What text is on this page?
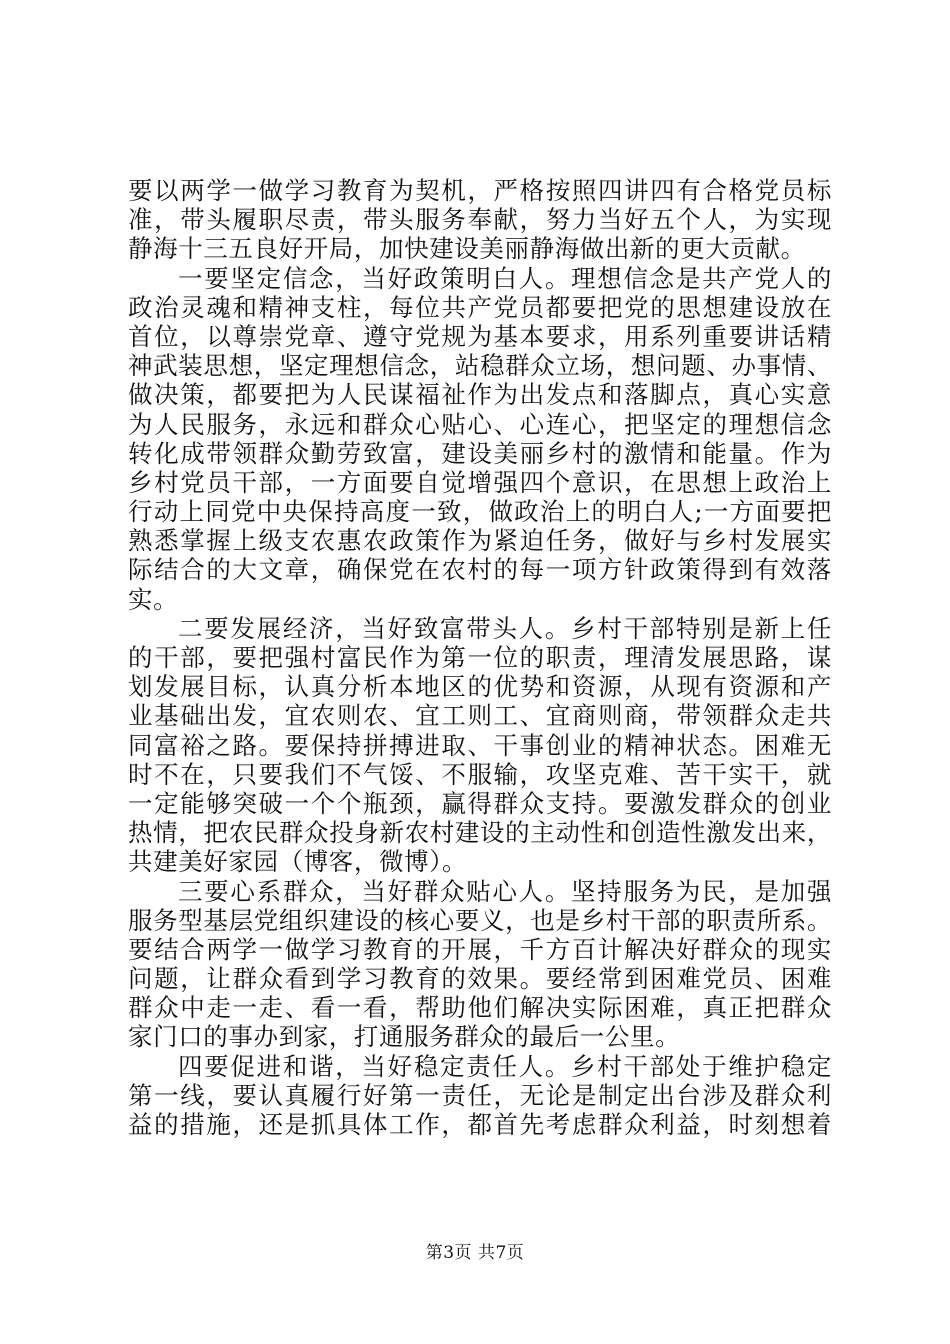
要以两学一做学习教育为契机，严格按照四讲四有合格党员标
准，带头履职尽责，带头服务奉献，努力当好五个人，为实现
静海十三五良好开局，加快建设美丽静海做出新的更大贡献。
一要坚定信念，当好政策明白人。理想信念是共产党人的
政治灵魂和精神支柱，每位共产党员都要把党的思想建设放在
首位，以尊崇党章、遵守党规为基本要求，用系列重要讲话精
神武装思想，坚定理想信念，站稳群众立场，想问题、办事情、
做决策，都要把为人民谋福祉作为出发点和落脚点，真心实意
为人民服务，永远和群众心贴心、心连心，把坚定的理想信念
转化成带领群众勤劳致富，建设美丽乡村的激情和能量。作为
乡村党员干部，一方面要自觉增强四个意识，在思想上政治上
行动上同党中央保持高度一致，做政治上的明白人;一方面要把
熟悉掌握上级支农惠农政策作为紧迫任务，做好与乡村发展实
际结合的大文章，确保党在农村的每一项方针政策得到有效落
实。
二要发展经济，当好致富带头人。乡村干部特别是新上任
的干部，要把强村富民作为第一位的职责，理清发展思路，谋
划发展目标，认真分析本地区的优势和资源，从现有资源和产
业基础出发，宜农则农、宜工则工、宜商则商，带领群众走共
同富裕之路。要保持拼搏进取、干事创业的精神状态。困难无
时不在，只要我们不气馁、不服输，攻坚克难、苦干实干，就
一定能够突破一个个瓶颈，赢得群众支持。要激发群众的创业
热情，把农民群众投身新农村建设的主动性和创造性激发出来，
共建美好家园（博客，微博）。
三要心系群众，当好群众贴心人。坚持服务为民，是加强
服务型基层党组织建设的核心要义，也是乡村干部的职责所系。
要结合两学一做学习教育的开展，千方百计解决好群众的现实
问题，让群众看到学习教育的效果。要经常到困难党员、困难
群众中走一走、看一看，帮助他们解决实际困难，真正把群众
家门口的事办到家，打通服务群众的最后一公里。
四要促进和谐，当好稳定责任人。乡村干部处于维护稳定
第一线，要认真履行好第一责任，无论是制定出台涉及群众利
益的措施，还是抓具体工作，都首先考虑群众利益，时刻想着
第3页 共7页
